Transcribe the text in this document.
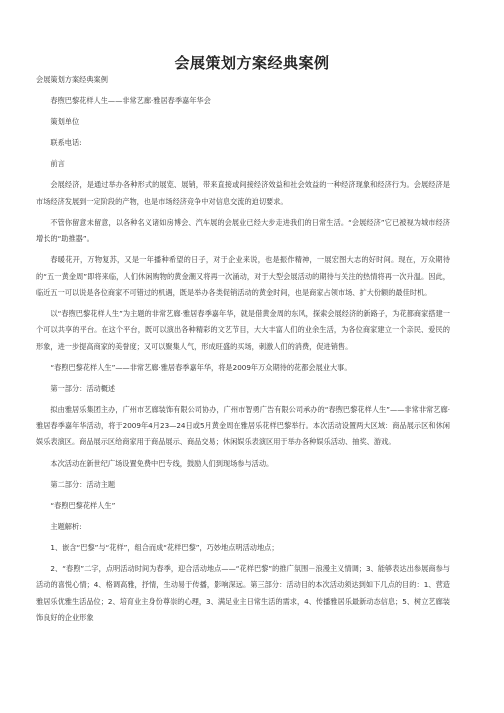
会展策划方案经典案例

会展策划方案经典案例

春煦巴黎花样人生——非常艺廊·雅居春季嘉年华会

策划单位

联系电话:

前言

会展经济，是通过举办各种形式的展览、展销，带来直接或间接经济效益和社会效益的一种经济现象和经济行为。会展经济是市场经济发展到一定阶段的产物，也是市场经济竞争中对信息交流的迫切要求。

不管你留意未留意，以各种名义诸如房博会、汽车展的会展业已经大步走进我们的日常生活。“会展经济”它已被视为城市经济增长的“助推器”。

春暖花开，万物复苏，又是一年播种希望的日子，对于企业来说，也是振作精神，一展宏图大志的好时间。现在，万众期待的“五一黄金周”即将来临，人们休闲购物的黄金潮又将再一次涌动，对于大型会展活动的期待与关注的热情将再一次升温。因此，临近五一可以说是各位商家不可错过的机遇，既是举办各类促销活动的黄金时间，也是商家占领市场、扩大份额的最佳时机。

以“春煦巴黎花样人生”为主题的非常艺廊·雅居春季嘉年华，就是借黄金周的东风，探索会展经济的新路子，为花都商家搭建一个可以共享的平台。在这个平台，既可以演出各种精彩的文艺节目，大大丰富人们的业余生活，为各位商家建立一个亲民、爱民的形象，进一步提高商家的美誉度；又可以聚集人气，形成旺盛的买场，刺激人们的消费，促进销售。

“春煦巴黎花样人生”——非常艺廊·雅居春季嘉年华，将是2009年万众期待的花都会展业大事。

第一部分：活动概述

拟由雅居乐集团主办，广州市艺廊装饰有限公司协办，广州市智勇广告有限公司承办的“春煦巴黎花样人生”——非常非常艺廊·雅居春季嘉年华活动，将于2009年4月23—24日或5月黄金周在雅居乐花样巴黎举行。本次活动设置两大区域：商品展示区和休闲娱乐表演区。商品展示区给商家用于商品展示、商品交易；休闲娱乐表演区用于举办各种娱乐活动、抽奖、游戏。

本次活动在新世纪广场设置免费中巴专线，鼓励人们到现场参与活动。

第二部分：活动主题

“春煦巴黎花样人生”

主题解析:

1、嵌含“巴黎”与“花样”，组合而成“花样巴黎”，巧妙地点明活动地点；

2、“春煦”二字，点明活动时间为春季，迎合活动地点——“花样巴黎”的推广氛围－浪漫主义情调；3、能够表达出参展商参与活动的喜悦心情；4、格调高雅，抒情，生动易于传播，影响深远。第三部分：活动目的本次活动须达到如下几点的目的：1、营造雅居乐优雅生活品位；2、培育业主身份尊崇的心理，3、满足业主日常生活的需求，4、传播雅居乐最新动态信息；5、树立艺廊装饰良好的企业形象
